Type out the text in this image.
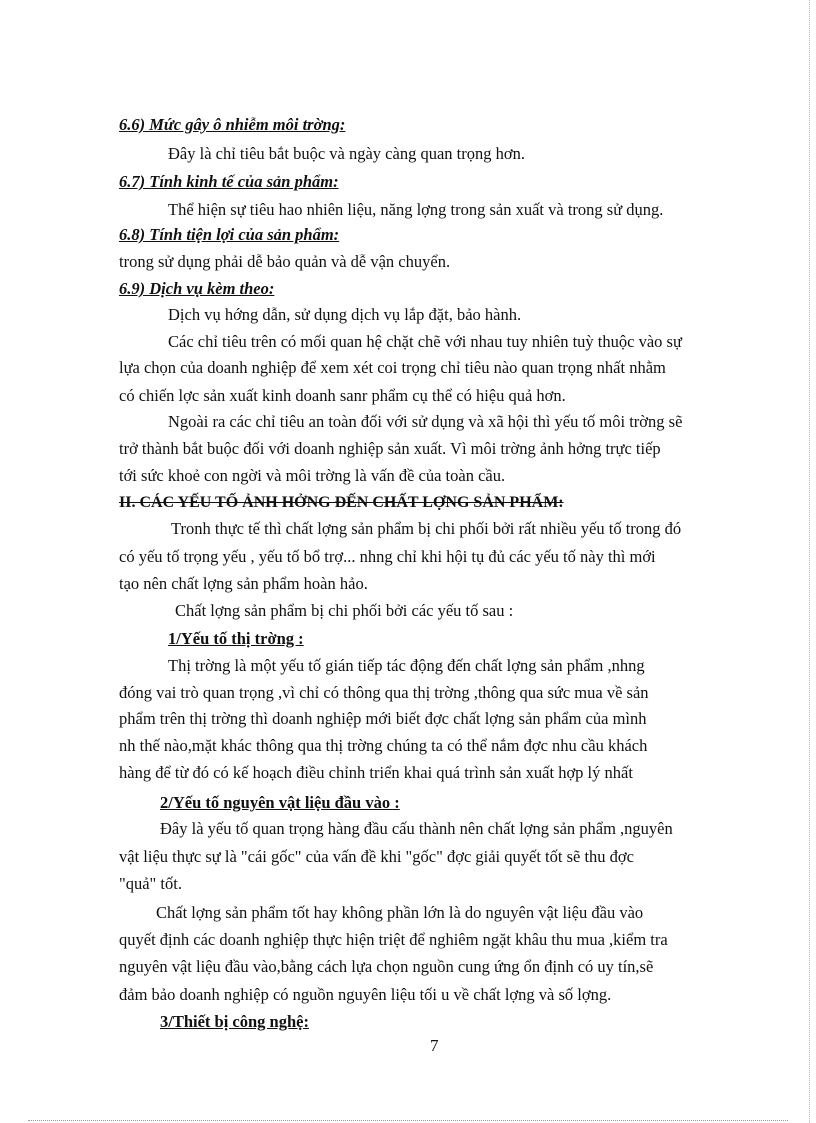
6.6) Mức gây ô nhiễm môi trờng:
Đây là chỉ tiêu bắt buộc và ngày càng quan trọng hơn.
6.7) Tính kinh tế của sản phẩm:
Thể hiện sự tiêu hao nhiên liệu, năng lợng trong sản xuất và trong sử dụng.
6.8) Tính tiện lợi của sản phẩm:
trong sử dụng phải dễ bảo quản và dễ vận chuyển.
6.9) Dịch vụ kèm theo:
Dịch vụ hớng dẫn, sử dụng dịch vụ lắp đặt, bảo hành.
Các chỉ tiêu trên có mối quan hệ chặt chẽ với nhau tuy nhiên tuỳ thuộc vào sự
lựa chọn của doanh nghiệp để xem xét coi trọng chỉ tiêu nào quan trọng nhất nhằm
có chiến lợc sản xuất kinh doanh sanr phẩm cụ thể có hiệu quả hơn.
Ngoài ra các chỉ tiêu an toàn đối với sử dụng và xã hội thì yếu tố môi trờng sẽ
trở thành bắt buộc đối với doanh nghiệp sản xuất. Vì môi trờng ảnh hởng trực tiếp
tới sức khoẻ con ngời và môi trờng là vấn đề của toàn cầu.
II. CÁC YẾU TỐ ẢNH HỞNG ĐẾN CHẤT LỢNG SẢN PHẨM:
Tronh thực tế thì chất lợng sản phẩm bị chi phối bởi rất nhiều yếu tố trong đó
có yếu tố trọng yếu , yếu tố bổ trợ... nhng chỉ khi hội tụ đủ các yếu tố này thì mới
tạo nên chất lợng sản phẩm hoàn hảo.
Chất lợng sản phẩm bị chi phối bởi các yếu tố sau :
1/Yếu tố thị trờng :
Thị trờng là một yếu tố gián tiếp tác động đến chất lợng sản phẩm ,nhng
đóng vai trò quan trọng ,vì chỉ có thông qua thị trờng ,thông qua sức mua về sản
phẩm trên thị trờng thì doanh nghiệp mới biết đợc chất lợng sản phẩm của mình
nh thế nào,mặt khác thông qua thị trờng chúng ta có thể nắm đợc nhu cầu khách
hàng để từ đó có kế hoạch điều chỉnh triển khai quá trình sản xuất hợp lý nhất
2/Yếu tố nguyên vật liệu đầu vào :
Đây là yếu tố quan trọng hàng đầu cấu thành nên chất lợng sản phẩm ,nguyên
vật liệu thực sự là "cái gốc" của vấn đề khi "gốc" đợc giải quyết tốt sẽ thu đợc
"quả" tốt.
Chất lợng sản phẩm tốt hay không phần lớn là do nguyên vật liệu đầu vào
quyết định các doanh nghiệp thực hiện triệt để nghiêm ngặt khâu thu mua ,kiểm tra
nguyên vật liệu đầu vào,bằng cách lựa chọn nguồn cung ứng ổn định có uy tín,sẽ
đảm bảo doanh nghiệp có nguồn nguyên liệu tối u về chất lợng và số lợng.
3/Thiết bị công nghệ:
7
